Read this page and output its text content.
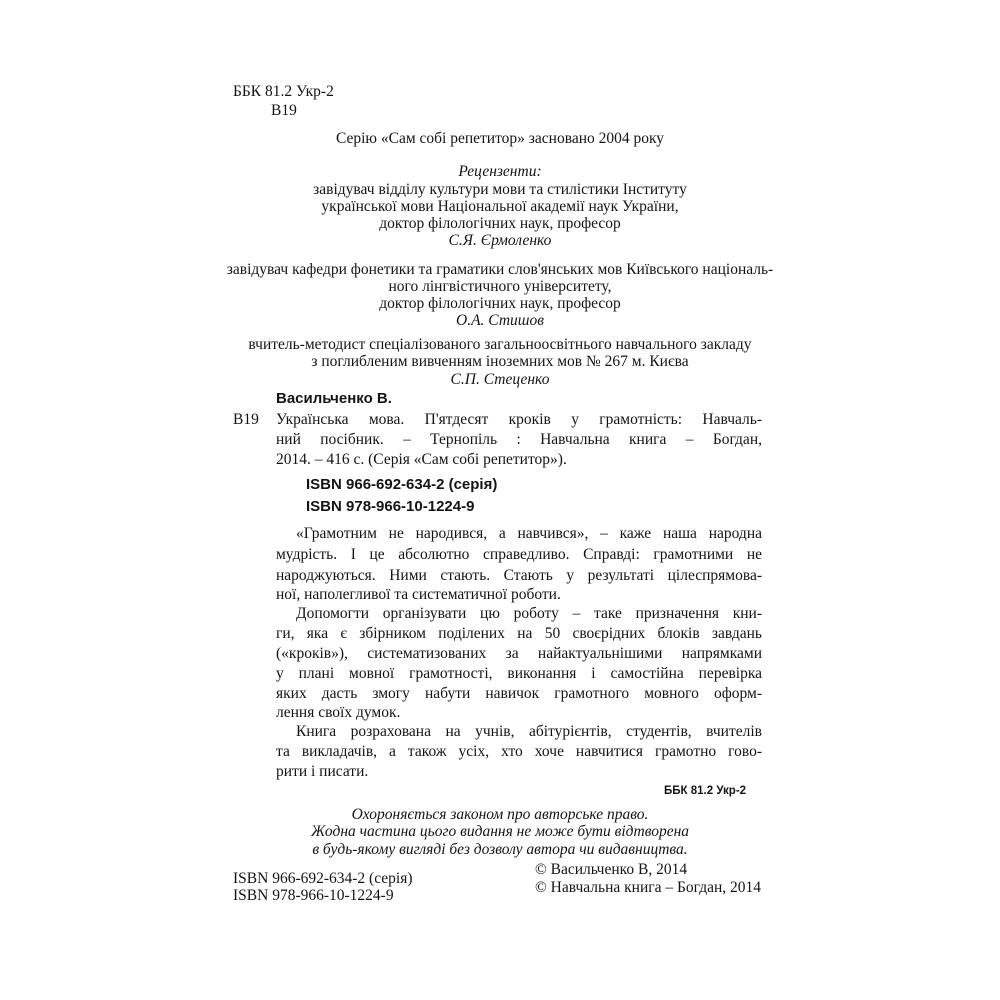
ББК 81.2 Укр-2
В19
Серію «Сам собі репетитор» засновано 2004 року
Рецензенти:
завідувач відділу культури мови та стилістики Інституту
української мови Національної академії наук України,
доктор філологічних наук, професор
С.Я. Єрмоленко
завідувач кафедри фонетики та граматики слов'янських мов Київського національ-
ного лінгвістичного університету,
доктор філологічних наук, професор
О.А. Стишов
вчитель-методист спеціалізованого загальноосвітнього навчального закладу
з поглибленим вивченням іноземних мов № 267 м. Києва
С.П. Стеценко
Васильченко В.
В19 Українська мова. П'ятдесят кроків у грамотність: Навчаль-
ний посібник. – Тернопіль : Навчальна книга – Богдан,
2014. – 416 с. (Серія «Сам собі репетитор»).
ISBN 966-692-634-2 (серія)
ISBN 978-966-10-1224-9
«Грамотним не народився, а навчився», – каже наша народна
мудрість. І це абсолютно справедливо. Справді: грамотними не
народжуються. Ними стають. Стають у результаті цілеспрямова-
ної, наполегливої та систематичної роботи.
Допомогти організувати цю роботу – таке призначення кни-
ги, яка є збірником поділених на 50 своєрідних блоків завдань
(«кроків»), систематизованих за найактуальнішими напрямками
у плані мовної грамотності, виконання і самостійна перевірка
яких дасть змогу набути навичок грамотного мовного оформ-
лення своїх думок.
Книга розрахована на учнів, абітурієнтів, студентів, вчителів
та викладачів, а також усіх, хто хоче навчитися грамотно гово-
рити і писати.
ББК 81.2 Укр-2
Охороняється законом про авторське право.
Жодна частина цього видання не може бути відтворена
в будь-якому вигляді без дозволу автора чи видавництва.
ISBN 966-692-634-2 (серія)
ISBN 978-966-10-1224-9
© Васильченко В, 2014
© Навчальна книга – Богдан, 2014
